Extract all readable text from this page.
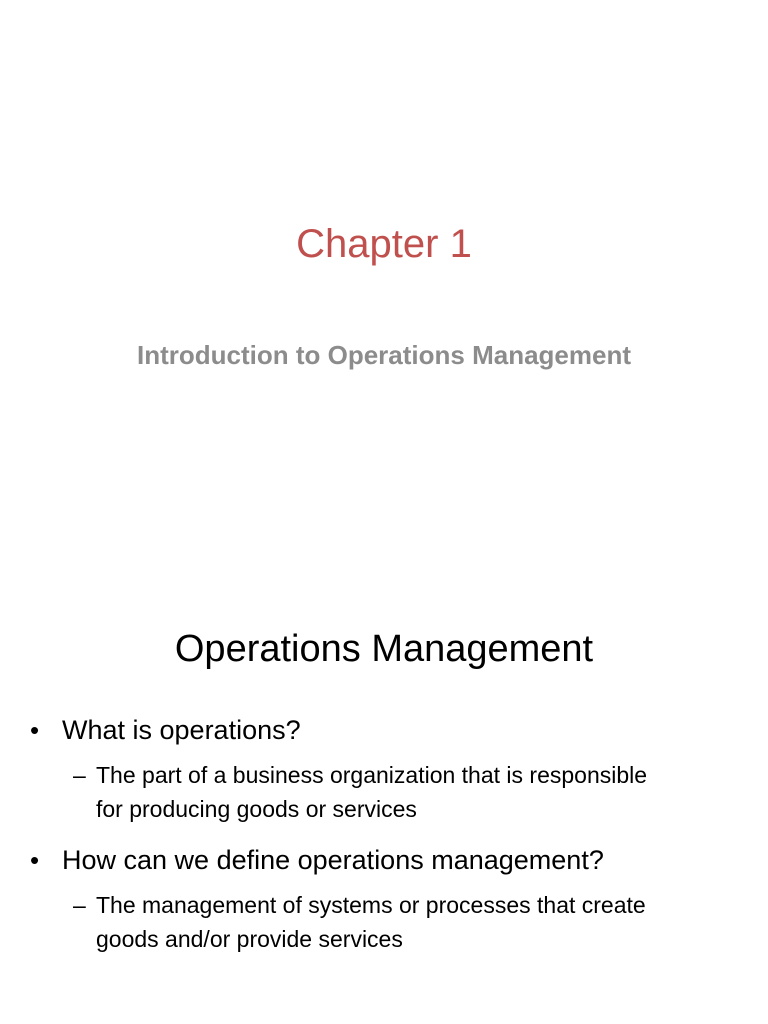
Chapter 1
Introduction to Operations Management
Operations Management
• What is operations?
– The part of a business organization that is responsible for producing goods or services
• How can we define operations management?
– The management of systems or processes that create goods and/or provide services
